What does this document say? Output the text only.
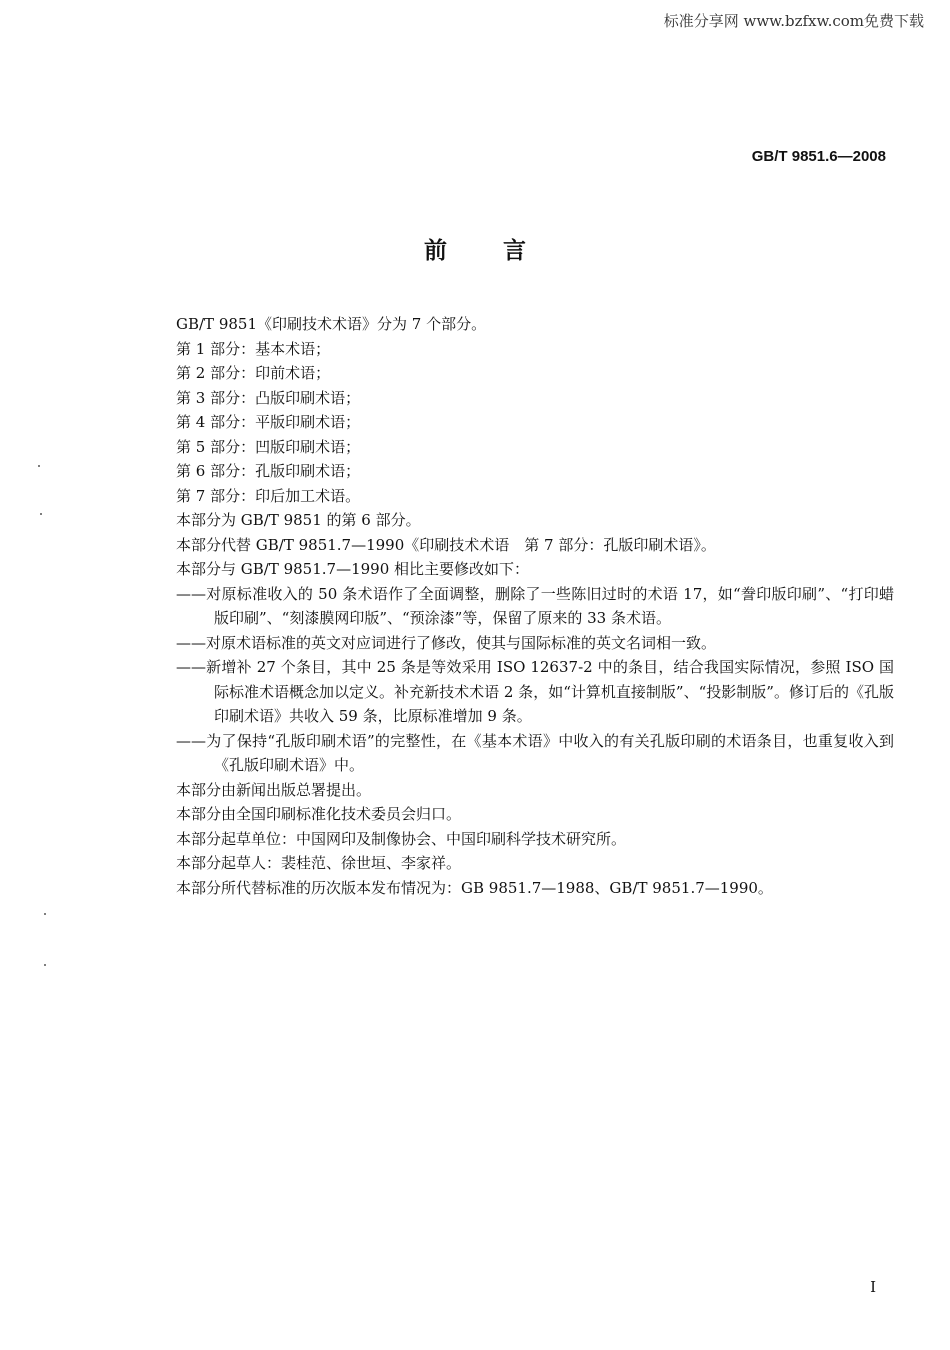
标准分享网 www.bzfxw.com免费下载
GB/T 9851.6—2008
前言

GB/T 9851《印刷技术术语》分为 7 个部分。

第 1 部分：基本术语；

第 2 部分：印前术语；

第 3 部分：凸版印刷术语；

第 4 部分：平版印刷术语；

第 5 部分：凹版印刷术语；

第 6 部分：孔版印刷术语；

第 7 部分：印后加工术语。

本部分为 GB/T 9851 的第 6 部分。

本部分代替 GB/T 9851.7—1990《印刷技术术语　第 7 部分：孔版印刷术语》。

本部分与 GB/T 9851.7—1990 相比主要修改如下：

——对原标准收入的 50 条术语作了全面调整，删除了一些陈旧过时的术语 17，如“誊印版印刷”、“打印蜡版印刷”、“刻漆膜网印版”、“预涂漆”等，保留了原来的 33 条术语。

——对原术语标准的英文对应词进行了修改，使其与国际标准的英文名词相一致。

——新增补 27 个条目，其中 25 条是等效采用 ISO 12637-2 中的条目，结合我国实际情况，参照 ISO 国际标准术语概念加以定义。补充新技术术语 2 条，如“计算机直接制版”、“投影制版”。修订后的《孔版印刷术语》共收入 59 条，比原标准增加 9 条。

——为了保持“孔版印刷术语”的完整性，在《基本术语》中收入的有关孔版印刷的术语条目，也重复收入到《孔版印刷术语》中。

本部分由新闻出版总署提出。

本部分由全国印刷标准化技术委员会归口。

本部分起草单位：中国网印及制像协会、中国印刷科学技术研究所。

本部分起草人：裴桂范、徐世垣、李家祥。

本部分所代替标准的历次版本发布情况为：GB 9851.7—1988、GB/T 9851.7—1990。

I
